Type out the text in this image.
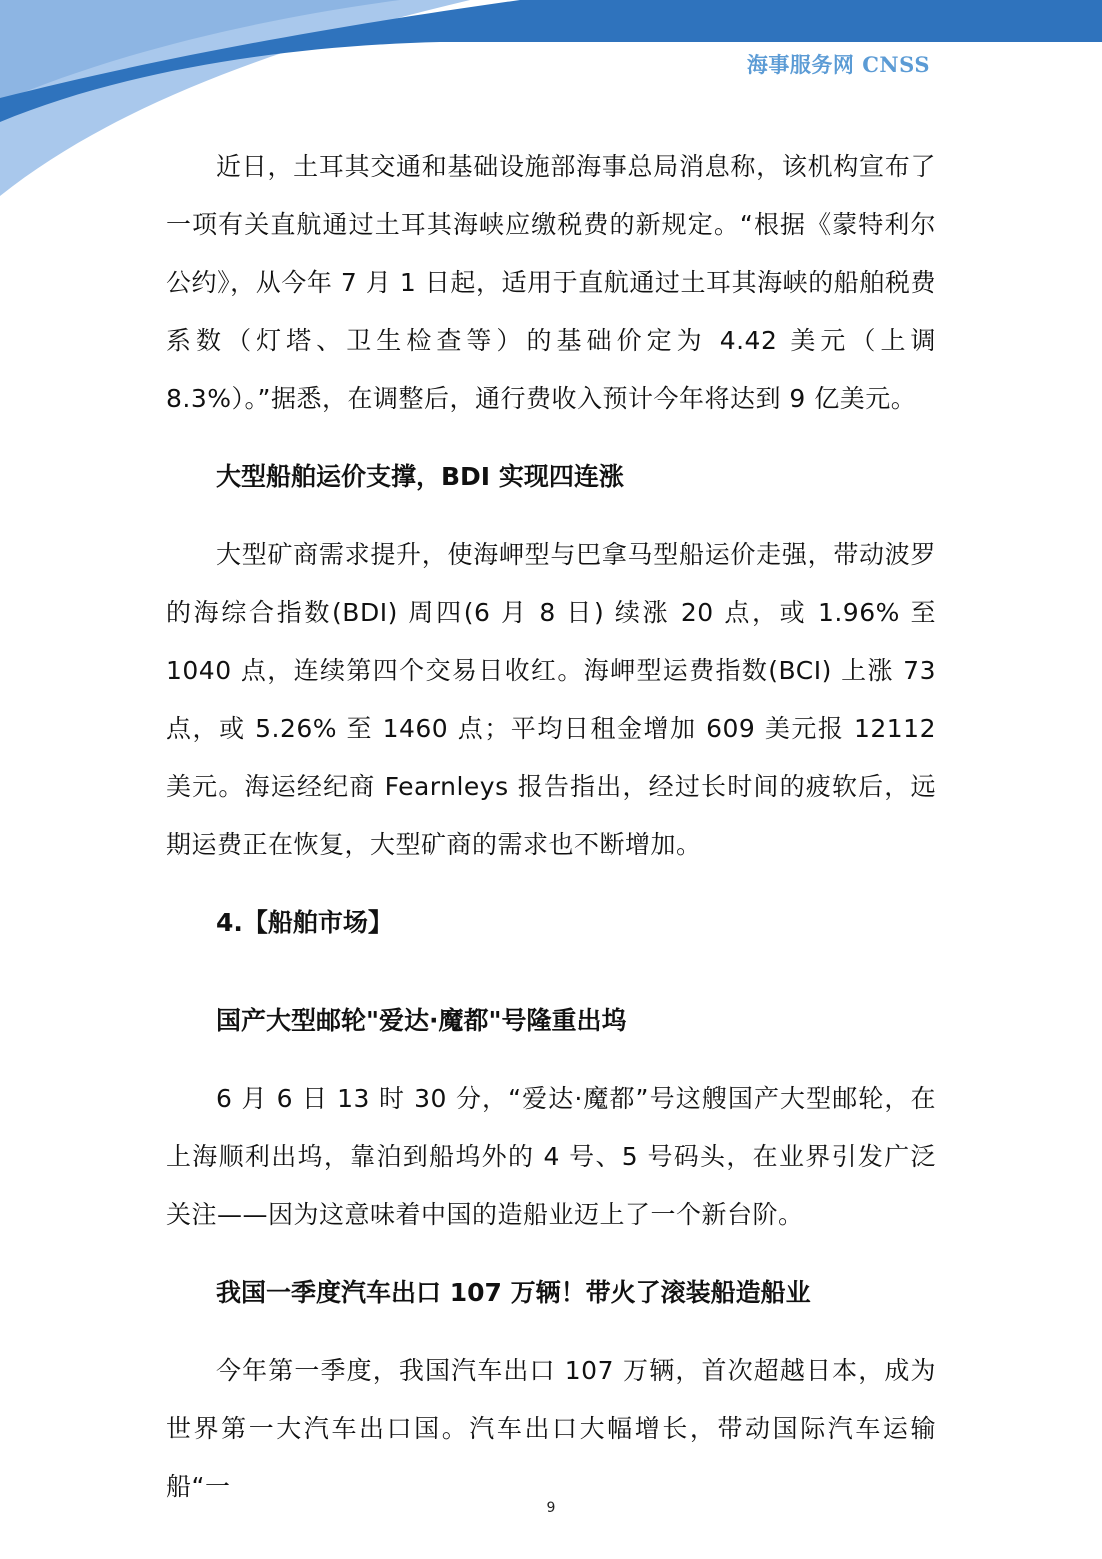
海事服务网 CNSS

近日，土耳其交通和基础设施部海事总局消息称，该机构宣布了一项有关直航通过土耳其海峡应缴税费的新规定。“根据《蒙特利尔公约》，从今年 7 月 1 日起，适用于直航通过土耳其海峡的船舶税费系数（灯塔、卫生检查等）的基础价定为 4.42 美元（上调 8.3%）。”据悉，在调整后，通行费收入预计今年将达到 9 亿美元。

大型船舶运价支撑，BDI 实现四连涨

大型矿商需求提升，使海岬型与巴拿马型船运价走强，带动波罗的海综合指数(BDI) 周四(6 月 8 日) 续涨 20 点，或 1.96% 至 1040 点，连续第四个交易日收红。海岬型运费指数(BCI) 上涨 73 点，或 5.26% 至 1460 点；平均日租金增加 609 美元报 12112 美元。海运经纪商 Fearnleys 报告指出，经过长时间的疲软后，远期运费正在恢复，大型矿商的需求也不断增加。

4.【船舶市场】

国产大型邮轮"爱达·魔都"号隆重出坞

6 月 6 日 13 时 30 分，“爱达·魔都”号这艘国产大型邮轮，在上海顺利出坞，靠泊到船坞外的 4 号、5 号码头，在业界引发广泛关注——因为这意味着中国的造船业迈上了一个新台阶。

我国一季度汽车出口 107 万辆！带火了滚装船造船业

今年第一季度，我国汽车出口 107 万辆，首次超越日本，成为世界第一大汽车出口国。汽车出口大幅增长，带动国际汽车运输船“一

9
